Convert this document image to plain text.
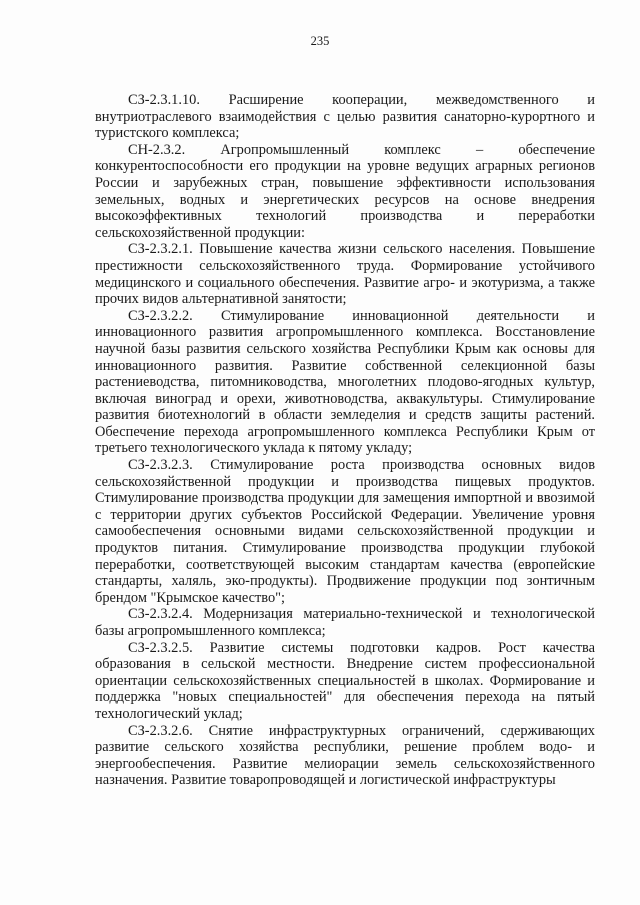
235

СЗ-2.3.1.10. Расширение кооперации, межведомственного и внутриотраслевого взаимодействия с целью развития санаторно-курортного и туристского комплекса;

СН-2.3.2. Агропромышленный комплекс – обеспечение конкурентоспособности его продукции на уровне ведущих аграрных регионов России и зарубежных стран, повышение эффективности использования земельных, водных и энергетических ресурсов на основе внедрения высокоэффективных технологий производства и переработки сельскохозяйственной продукции:

СЗ-2.3.2.1. Повышение качества жизни сельского населения. Повышение престижности сельскохозяйственного труда. Формирование устойчивого медицинского и социального обеспечения. Развитие агро- и экотуризма, а также прочих видов альтернативной занятости;

СЗ-2.3.2.2. Стимулирование инновационной деятельности и инновационного развития агропромышленного комплекса. Восстановление научной базы развития сельского хозяйства Республики Крым как основы для инновационного развития. Развитие собственной селекционной базы растениеводства, питомниководства, многолетних плодово-ягодных культур, включая виноград и орехи, животноводства, аквакультуры. Стимулирование развития биотехнологий в области земледелия и средств защиты растений. Обеспечение перехода агропромышленного комплекса Республики Крым от третьего технологического уклада к пятому укладу;

СЗ-2.3.2.3. Стимулирование роста производства основных видов сельскохозяйственной продукции и производства пищевых продуктов. Стимулирование производства продукции для замещения импортной и ввозимой с территории других субъектов Российской Федерации. Увеличение уровня самообеспечения основными видами сельскохозяйственной продукции и продуктов питания. Стимулирование производства продукции глубокой переработки, соответствующей высоким стандартам качества (европейские стандарты, халяль, эко-продукты). Продвижение продукции под зонтичным брендом "Крымское качество";

СЗ-2.3.2.4. Модернизация материально-технической и технологической базы агропромышленного комплекса;

СЗ-2.3.2.5. Развитие системы подготовки кадров. Рост качества образования в сельской местности. Внедрение систем профессиональной ориентации сельскохозяйственных специальностей в школах. Формирование и поддержка "новых специальностей" для обеспечения перехода на пятый технологический уклад;

СЗ-2.3.2.6. Снятие инфраструктурных ограничений, сдерживающих развитие сельского хозяйства республики, решение проблем водо- и энергообеспечения. Развитие мелиорации земель сельскохозяйственного назначения. Развитие товаропроводящей и логистической инфраструктуры
